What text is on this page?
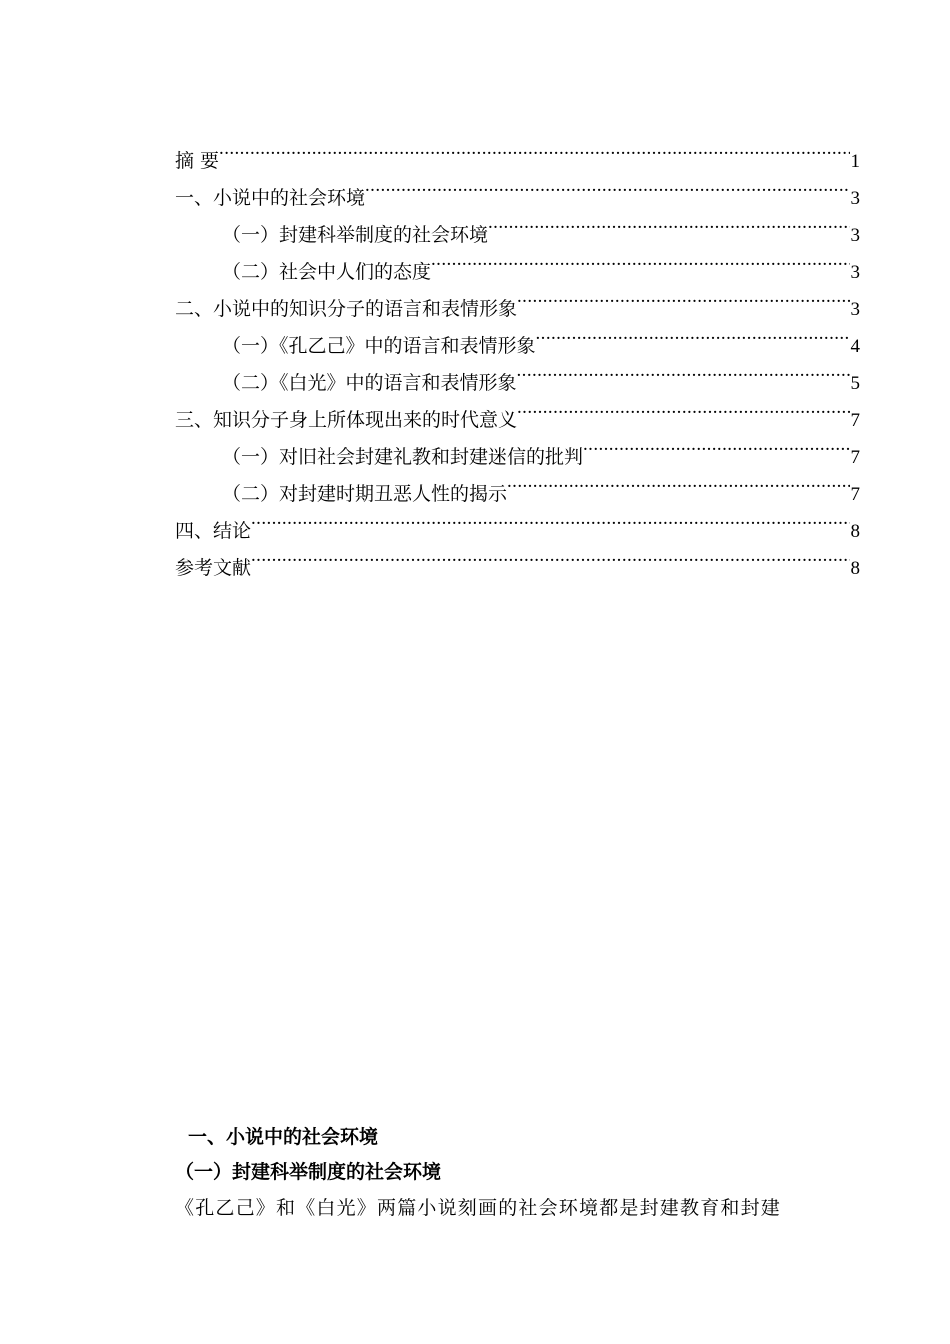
摘 要 .....	1
一、小说中的社会环境 .....	3
（一）封建科举制度的社会环境 .....	3
（二）社会中人们的态度 .....	3
二、小说中的知识分子的语言和表情形象 .....	3
（一）《孔乙己》中的语言和表情形象 .....	4
（二）《白光》中的语言和表情形象 .....	5
三、知识分子身上所体现出来的时代意义 .....	7
（一）对旧社会封建礼教和封建迷信的批判 .....	7
（二）对封建时期丑恶人性的揭示 .....	7
四、结论 .....	8
参考文献 .....	8
一、小说中的社会环境
（一）封建科举制度的社会环境
《孔乙己》和《白光》两篇小说刻画的社会环境都是封建教育和封建
